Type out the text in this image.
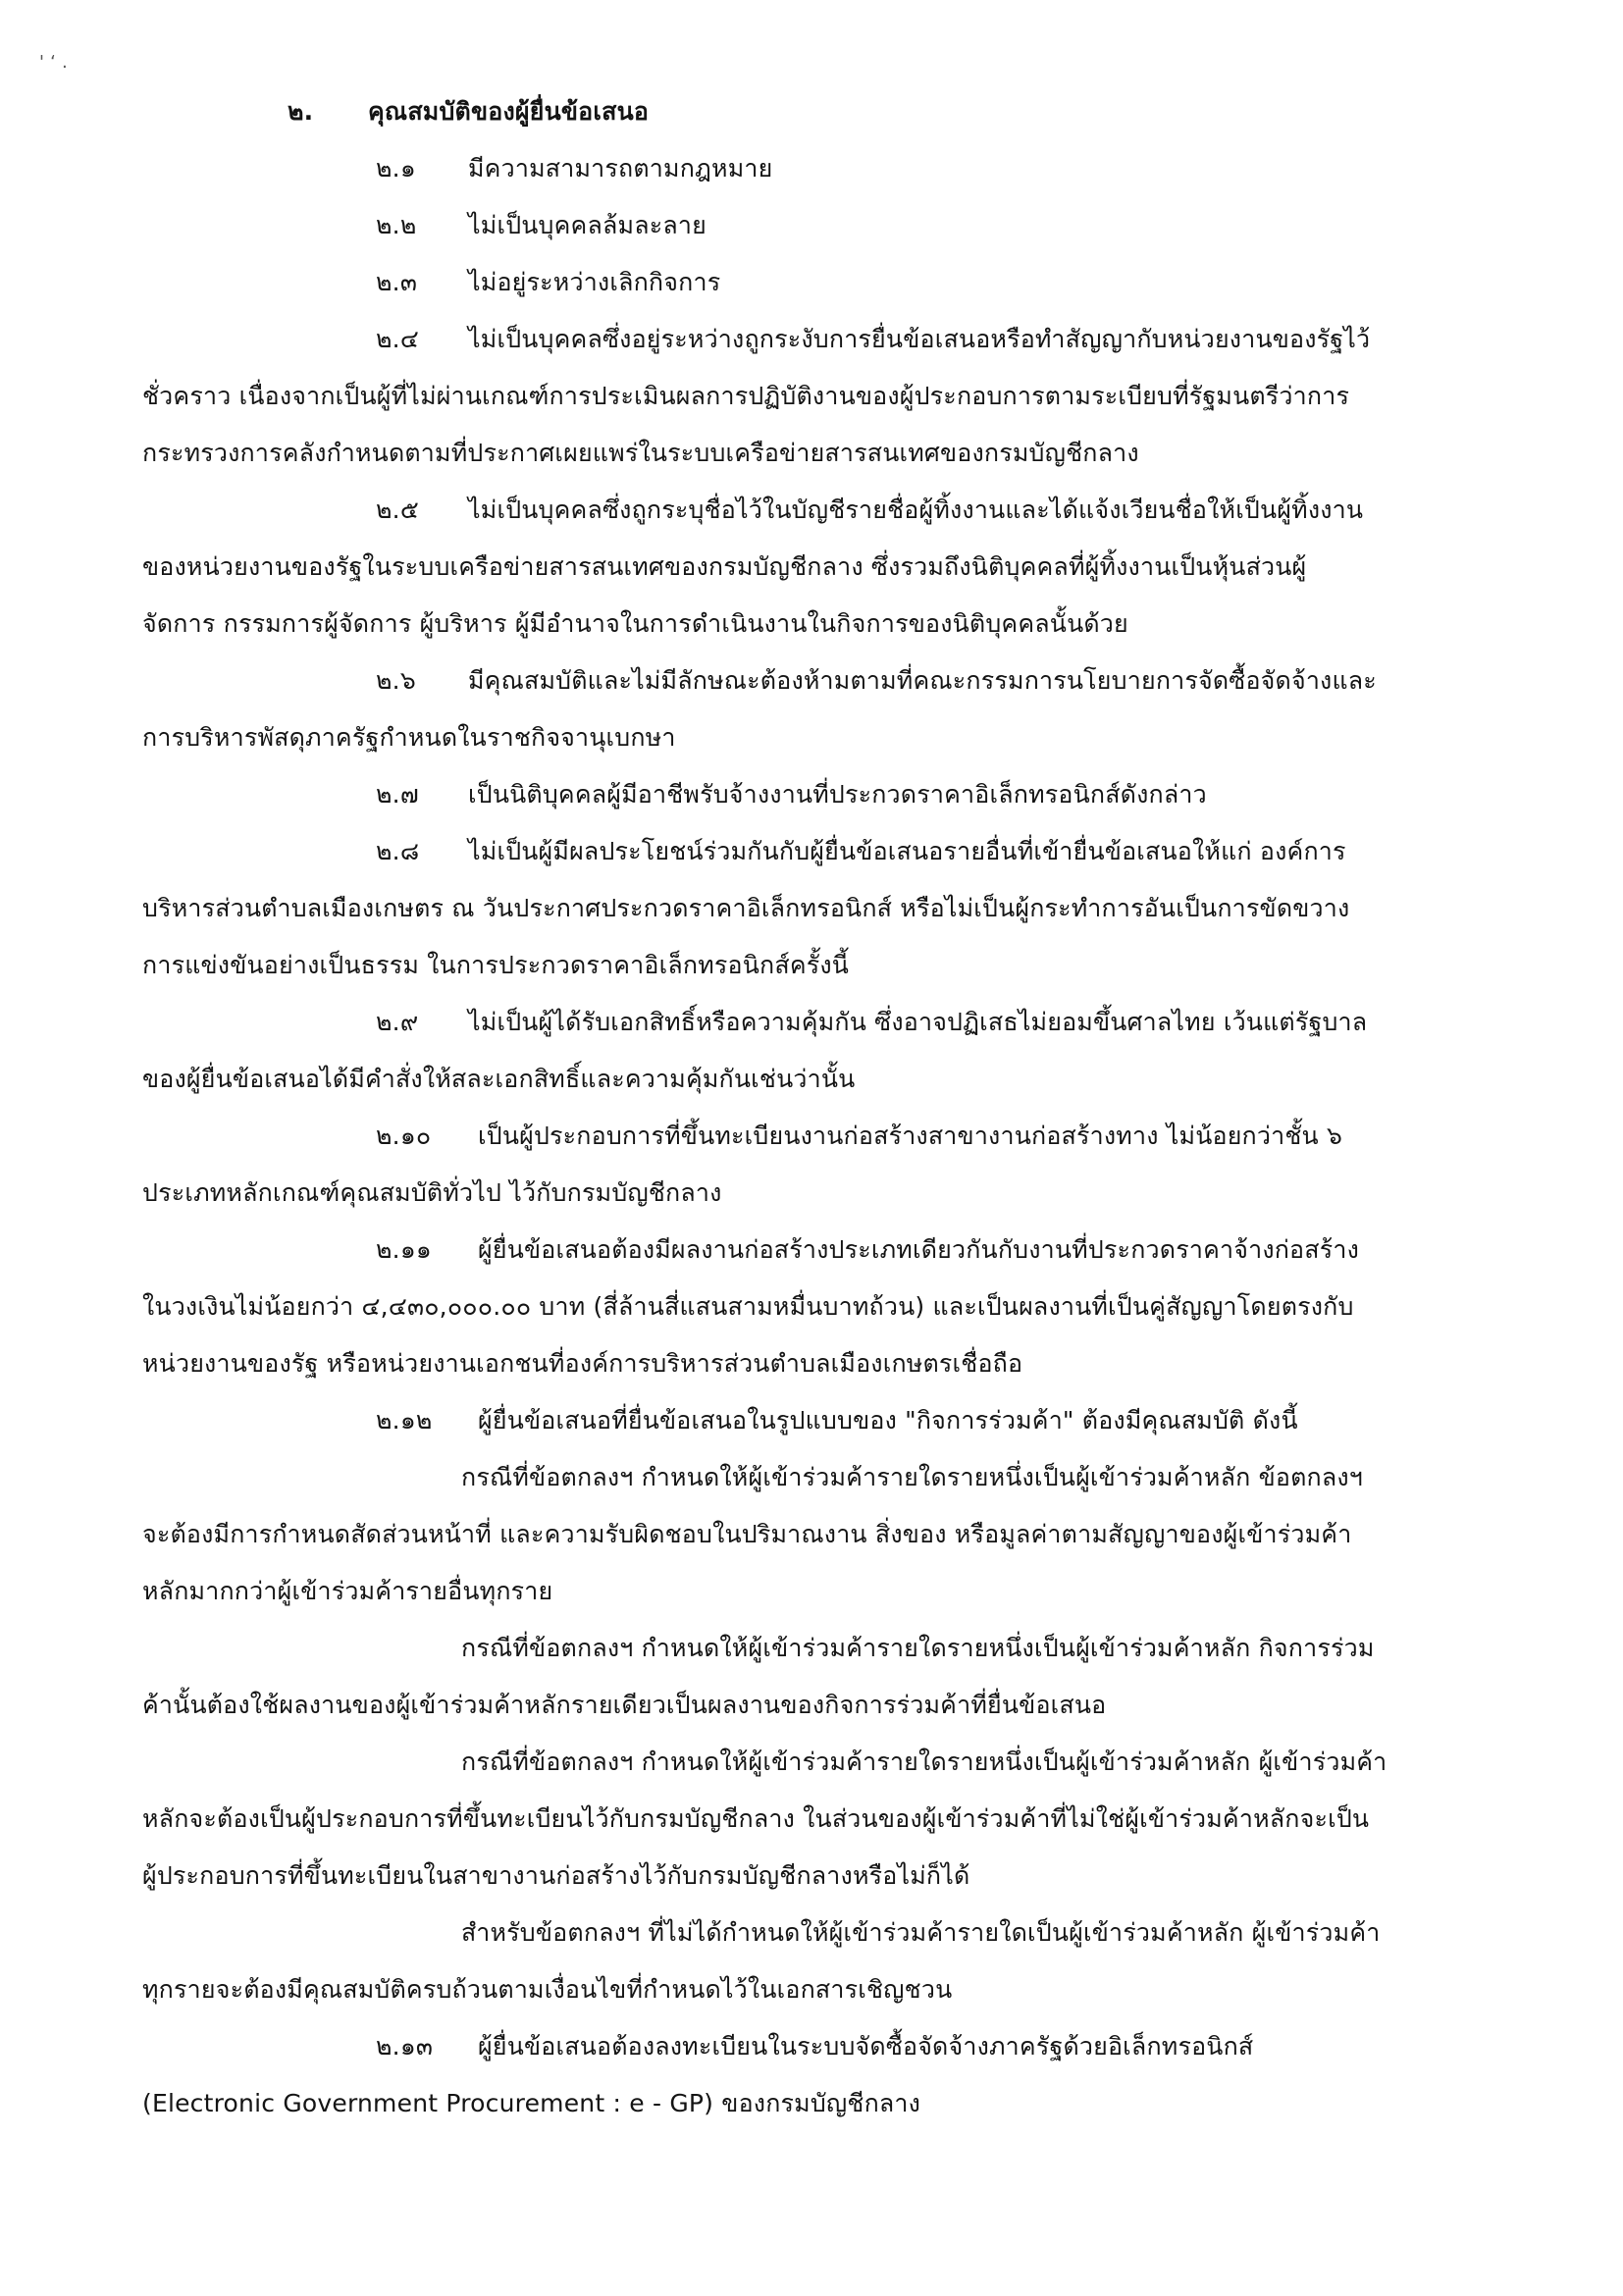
' ‘ ․
๒. คุณสมบัติของผู้ยื่นข้อเสนอ
๒.๑ มีความสามารถตามกฎหมาย
๒.๒ ไม่เป็นบุคคลล้มละลาย
๒.๓ ไม่อยู่ระหว่างเลิกกิจการ
๒.๔ ไม่เป็นบุคคลซึ่งอยู่ระหว่างถูกระงับการยื่นข้อเสนอหรือทำสัญญากับหน่วยงานของรัฐไว้
ชั่วคราว เนื่องจากเป็นผู้ที่ไม่ผ่านเกณฑ์การประเมินผลการปฏิบัติงานของผู้ประกอบการตามระเบียบที่รัฐมนตรีว่าการ
กระทรวงการคลังกำหนดตามที่ประกาศเผยแพร่ในระบบเครือข่ายสารสนเทศของกรมบัญชีกลาง
๒.๕ ไม่เป็นบุคคลซึ่งถูกระบุชื่อไว้ในบัญชีรายชื่อผู้ทิ้งงานและได้แจ้งเวียนชื่อให้เป็นผู้ทิ้งงาน
ของหน่วยงานของรัฐในระบบเครือข่ายสารสนเทศของกรมบัญชีกลาง ซึ่งรวมถึงนิติบุคคลที่ผู้ทิ้งงานเป็นหุ้นส่วนผู้
จัดการ กรรมการผู้จัดการ ผู้บริหาร ผู้มีอำนาจในการดำเนินงานในกิจการของนิติบุคคลนั้นด้วย
๒.๖ มีคุณสมบัติและไม่มีลักษณะต้องห้ามตามที่คณะกรรมการนโยบายการจัดซื้อจัดจ้างและ
การบริหารพัสดุภาครัฐกำหนดในราชกิจจานุเบกษา
๒.๗ เป็นนิติบุคคลผู้มีอาชีพรับจ้างงานที่ประกวดราคาอิเล็กทรอนิกส์ดังกล่าว
๒.๘ ไม่เป็นผู้มีผลประโยชน์ร่วมกันกับผู้ยื่นข้อเสนอรายอื่นที่เข้ายื่นข้อเสนอให้แก่ องค์การ
บริหารส่วนตำบลเมืองเกษตร ณ วันประกาศประกวดราคาอิเล็กทรอนิกส์ หรือไม่เป็นผู้กระทำการอันเป็นการขัดขวาง
การแข่งขันอย่างเป็นธรรม ในการประกวดราคาอิเล็กทรอนิกส์ครั้งนี้
๒.๙ ไม่เป็นผู้ได้รับเอกสิทธิ์หรือความคุ้มกัน ซึ่งอาจปฏิเสธไม่ยอมขึ้นศาลไทย เว้นแต่รัฐบาล
ของผู้ยื่นข้อเสนอได้มีคำสั่งให้สละเอกสิทธิ์และความคุ้มกันเช่นว่านั้น
๒.๑๐ เป็นผู้ประกอบการที่ขึ้นทะเบียนงานก่อสร้างสาขางานก่อสร้างทาง ไม่น้อยกว่าชั้น ๖
ประเภทหลักเกณฑ์คุณสมบัติทั่วไป ไว้กับกรมบัญชีกลาง
๒.๑๑ ผู้ยื่นข้อเสนอต้องมีผลงานก่อสร้างประเภทเดียวกันกับงานที่ประกวดราคาจ้างก่อสร้าง
ในวงเงินไม่น้อยกว่า ๔,๔๓๐,๐๐๐.๐๐ บาท (สี่ล้านสี่แสนสามหมื่นบาทถ้วน) และเป็นผลงานที่เป็นคู่สัญญาโดยตรงกับ
หน่วยงานของรัฐ หรือหน่วยงานเอกชนที่องค์การบริหารส่วนตำบลเมืองเกษตรเชื่อถือ
๒.๑๒ ผู้ยื่นข้อเสนอที่ยื่นข้อเสนอในรูปแบบของ "กิจการร่วมค้า" ต้องมีคุณสมบัติ ดังนี้
กรณีที่ข้อตกลงฯ กำหนดให้ผู้เข้าร่วมค้ารายใดรายหนึ่งเป็นผู้เข้าร่วมค้าหลัก ข้อตกลงฯ
จะต้องมีการกำหนดสัดส่วนหน้าที่ และความรับผิดชอบในปริมาณงาน สิ่งของ หรือมูลค่าตามสัญญาของผู้เข้าร่วมค้า
หลักมากกว่าผู้เข้าร่วมค้ารายอื่นทุกราย
กรณีที่ข้อตกลงฯ กำหนดให้ผู้เข้าร่วมค้ารายใดรายหนึ่งเป็นผู้เข้าร่วมค้าหลัก กิจการร่วม
ค้านั้นต้องใช้ผลงานของผู้เข้าร่วมค้าหลักรายเดียวเป็นผลงานของกิจการร่วมค้าที่ยื่นข้อเสนอ
กรณีที่ข้อตกลงฯ กำหนดให้ผู้เข้าร่วมค้ารายใดรายหนึ่งเป็นผู้เข้าร่วมค้าหลัก ผู้เข้าร่วมค้า
หลักจะต้องเป็นผู้ประกอบการที่ขึ้นทะเบียนไว้กับกรมบัญชีกลาง ในส่วนของผู้เข้าร่วมค้าที่ไม่ใช่ผู้เข้าร่วมค้าหลักจะเป็น
ผู้ประกอบการที่ขึ้นทะเบียนในสาขางานก่อสร้างไว้กับกรมบัญชีกลางหรือไม่ก็ได้
สำหรับข้อตกลงฯ ที่ไม่ได้กำหนดให้ผู้เข้าร่วมค้ารายใดเป็นผู้เข้าร่วมค้าหลัก ผู้เข้าร่วมค้า
ทุกรายจะต้องมีคุณสมบัติครบถ้วนตามเงื่อนไขที่กำหนดไว้ในเอกสารเชิญชวน
๒.๑๓ ผู้ยื่นข้อเสนอต้องลงทะเบียนในระบบจัดซื้อจัดจ้างภาครัฐด้วยอิเล็กทรอนิกส์
(Electronic Government Procurement : e - GP) ของกรมบัญชีกลาง
